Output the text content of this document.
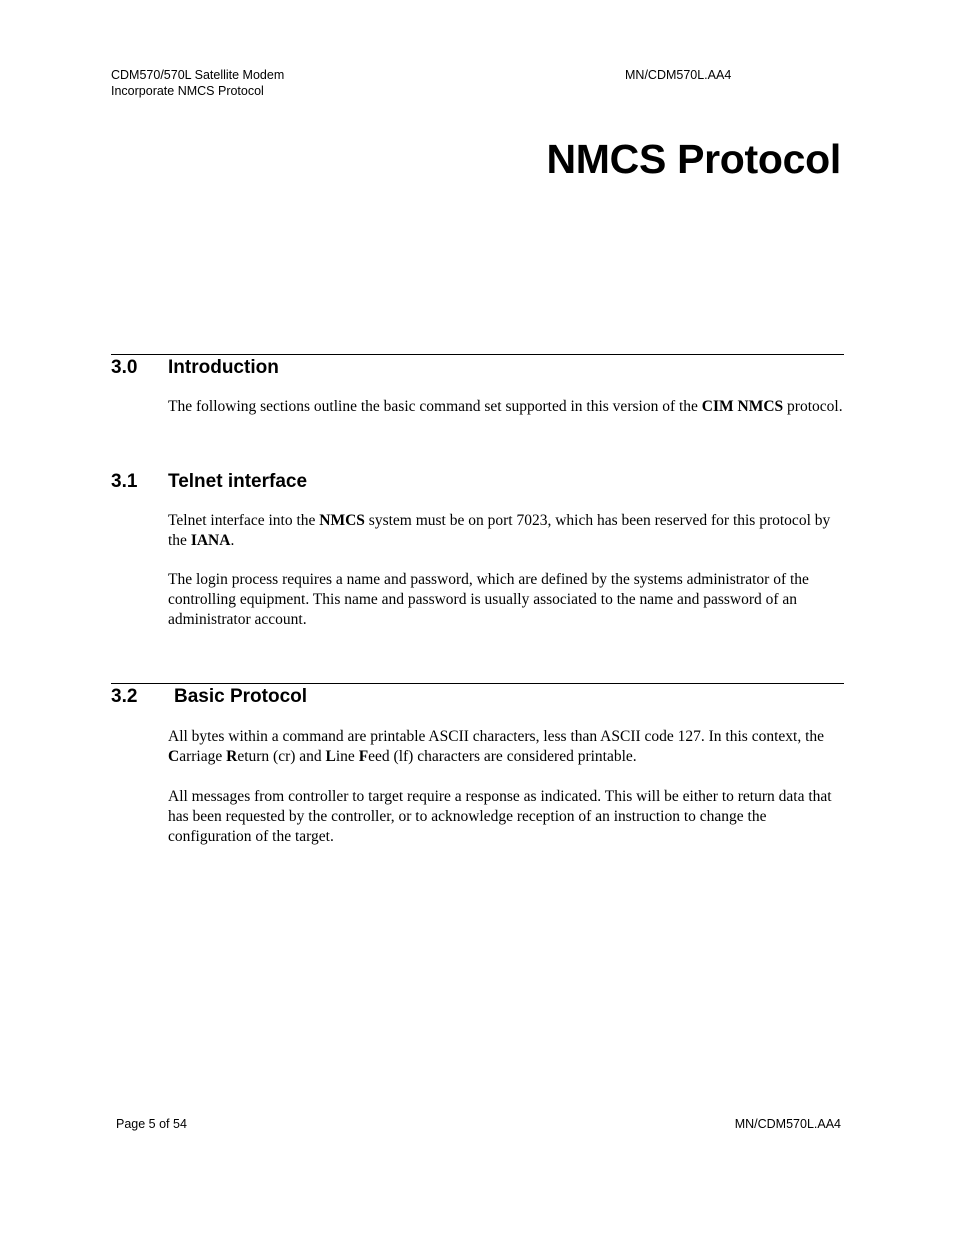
CDM570/570L Satellite Modem
Incorporate NMCS Protocol
MN/CDM570L.AA4
NMCS Protocol
3.0 Introduction
The following sections outline the basic command set supported in this version of the CIM NMCS protocol.
3.1 Telnet interface
Telnet interface into the NMCS system must be on port 7023, which has been reserved for this protocol by the IANA.
The login process requires a name and password, which are defined by the systems administrator of the controlling equipment. This name and password is usually associated to the name and password of an administrator account.
3.2 Basic Protocol
All bytes within a command are printable ASCII characters, less than ASCII code 127. In this context, the Carriage Return (cr) and Line Feed (lf) characters are considered printable.
All messages from controller to target require a response as indicated. This will be either to return data that has been requested by the controller, or to acknowledge reception of an instruction to change the configuration of the target.
Page 5 of 54	MN/CDM570L.AA4
